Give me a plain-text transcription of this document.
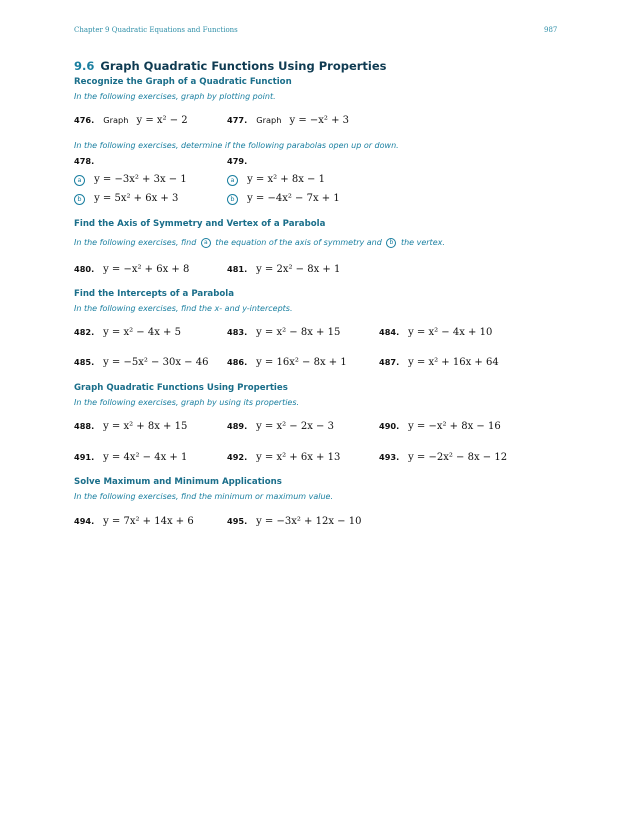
Chapter 9 Quadratic Equations and Functions	987
9.6 Graph Quadratic Functions Using Properties
Recognize the Graph of a Quadratic Function
In the following exercises, graph by plotting point.
476. Graph y = x² − 2	477. Graph y = −x² + 3
In the following exercises, determine if the following parabolas open up or down.
478.
a y = −3x² + 3x − 1
b y = 5x² + 6x + 3
479.
a y = x² + 8x − 1
b y = −4x² − 7x + 1
Find the Axis of Symmetry and Vertex of a Parabola
In the following exercises, find a the equation of the axis of symmetry and b the vertex.
480. y = −x² + 6x + 8	481. y = 2x² − 8x + 1
Find the Intercepts of a Parabola
In the following exercises, find the x- and y-intercepts.
482. y = x² − 4x + 5	483. y = x² − 8x + 15	484. y = x² − 4x + 10
485. y = −5x² − 30x − 46 486. y = 16x² − 8x + 1	487. y = x² + 16x + 64
Graph Quadratic Functions Using Properties
In the following exercises, graph by using its properties.
488. y = x² + 8x + 15	489. y = x² − 2x − 3	490. y = −x² + 8x − 16
491. y = 4x² − 4x + 1	492. y = x² + 6x + 13	493. y = −2x² − 8x − 12
Solve Maximum and Minimum Applications
In the following exercises, find the minimum or maximum value.
494. y = 7x² + 14x + 6	495. y = −3x² + 12x − 10
